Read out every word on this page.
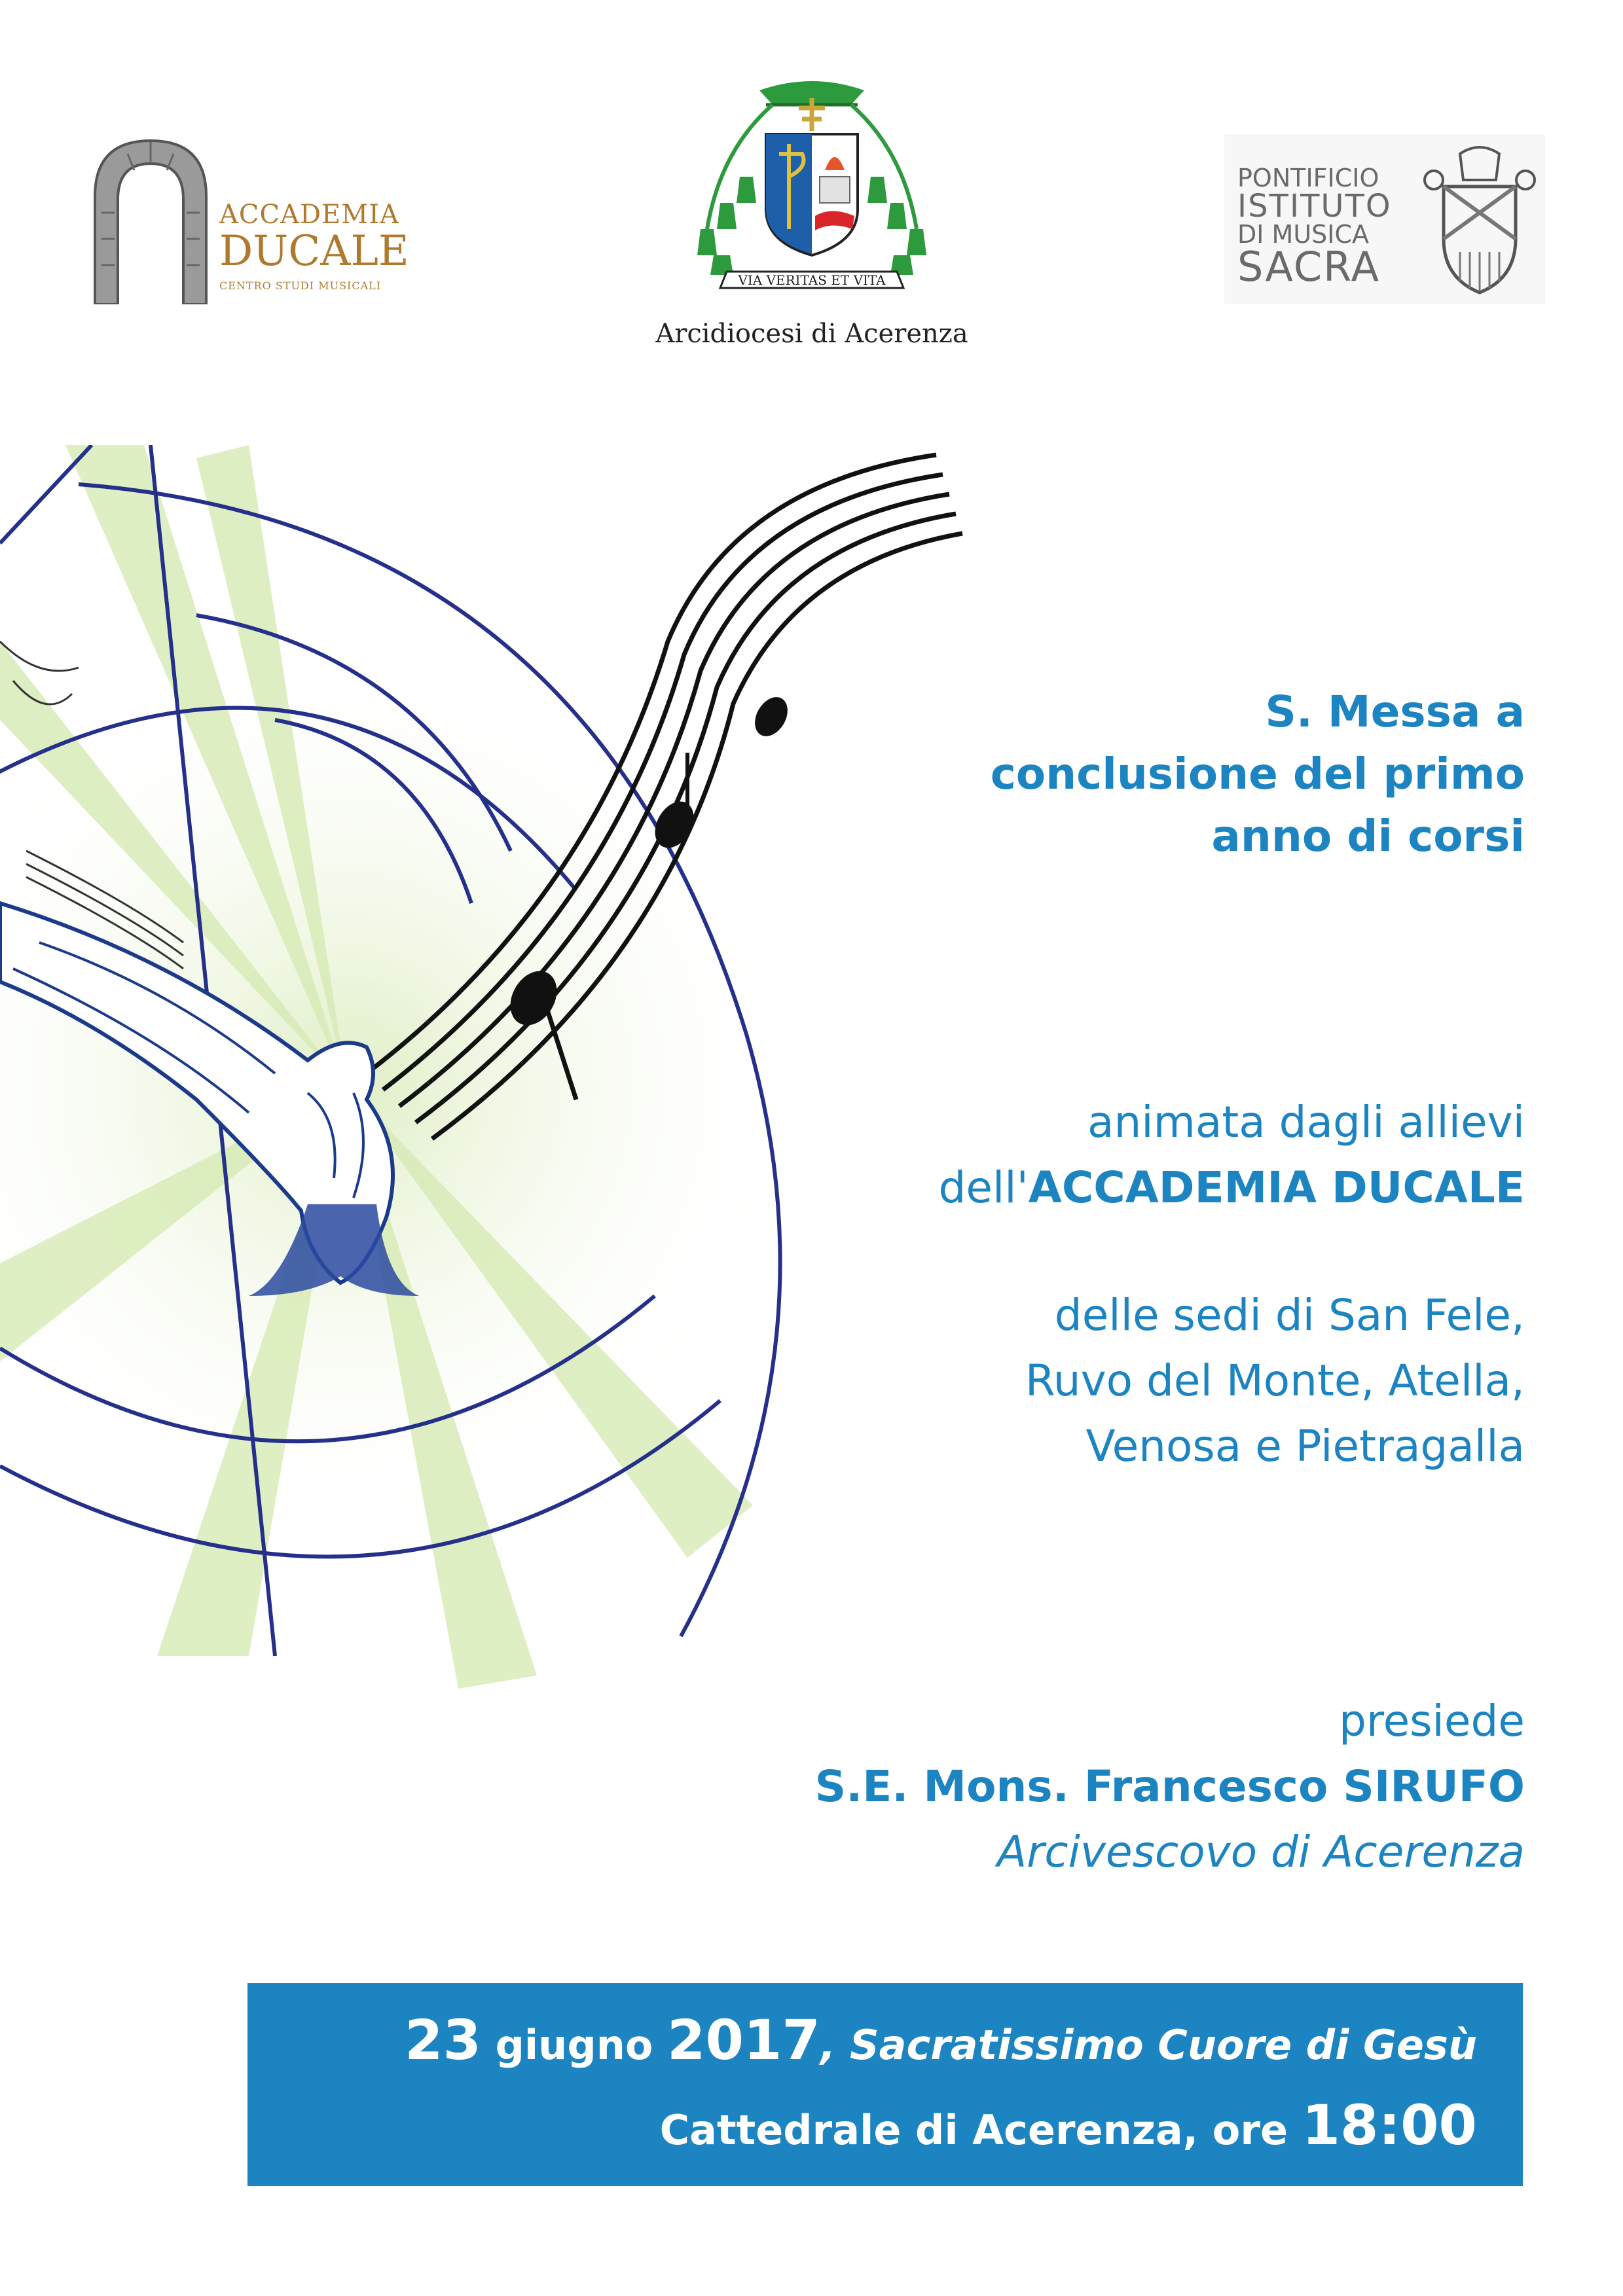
ACCADEMIA
DUCALE
CENTRO STUDI MUSICALI	VIA VERITAS ET VITA
Arcidiocesi di Acerenza
PONTIFICIO
ISTITUTO
DI MUSICA
SACRA
S. Messa a
conclusione del primo
anno di corsi
animata dagli allievi
dell'ACCADEMIA DUCALE
delle sedi di San Fele,
Ruvo del Monte, Atella,
Venosa e Pietragalla
presiede
S.E. Mons. Francesco SIRUFO
Arcivescovo di Acerenza
23 giugno 2017, Sacratissimo Cuore di Gesù
Cattedrale di Acerenza, ore 18:00
